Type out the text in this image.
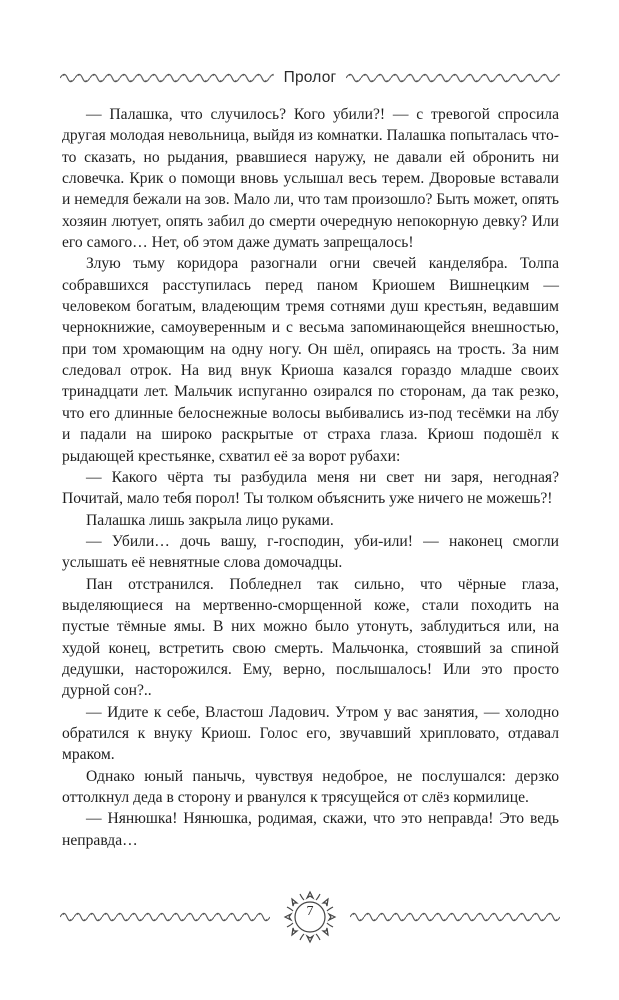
Пролог

— Палашка, что случилось? Кого убили?! — с тревогой спросила другая молодая невольница, выйдя из комнатки. Палашка попыталась что-то сказать, но рыдания, рвавшиеся наружу, не давали ей обронить ни словечка. Крик о помощи вновь услышал весь терем. Дворовые вставали и немедля бежали на зов. Мало ли, что там произошло? Быть может, опять хозяин лютует, опять забил до смерти очередную непокорную девку? Или его самого… Нет, об этом даже думать запрещалось!

Злую тьму коридора разогнали огни свечей канделябра. Толпа собравшихся расступилась перед паном Криошем Вишнецким — человеком богатым, владеющим тремя сотнями душ крестьян, ведавшим чернокнижие, самоуверенным и с весьма запоминающейся внешностью, при том хромающим на одну ногу. Он шёл, опираясь на трость. За ним следовал отрок. На вид внук Криоша казался гораздо младше своих тринадцати лет. Мальчик испуганно озирался по сторонам, да так резко, что его длинные белоснежные волосы выбивались из-под тесёмки на лбу и падали на широко раскрытые от страха глаза. Криош подошёл к рыдающей крестьянке, схватил её за ворот рубахи:

— Какого чёрта ты разбудила меня ни свет ни заря, негодная? Почитай, мало тебя порол! Ты толком объяснить уже ничего не можешь?!

Палашка лишь закрыла лицо руками.

— Убили… дочь вашу, г-господин, уби-или! — наконец смогли услышать её невнятные слова домочадцы.

Пан отстранился. Побледнел так сильно, что чёрные глаза, выделяющиеся на мертвенно-сморщенной коже, стали походить на пустые тёмные ямы. В них можно было утонуть, заблудиться или, на худой конец, встретить свою смерть. Мальчонка, стоявший за спиной дедушки, насторожился. Ему, верно, послышалось! Или это просто дурной сон?..

— Идите к себе, Властош Ладович. Утром у вас занятия, — холодно обратился к внуку Криош. Голос его, звучавший хрипловато, отдавал мраком.

Однако юный панычь, чувствуя недоброе, не послушался: дерзко оттолкнул деда в сторону и рванулся к трясущейся от слёз кормилице.

— Нянюшка! Нянюшка, родимая, скажи, что это неправда! Это ведь неправда…

7
